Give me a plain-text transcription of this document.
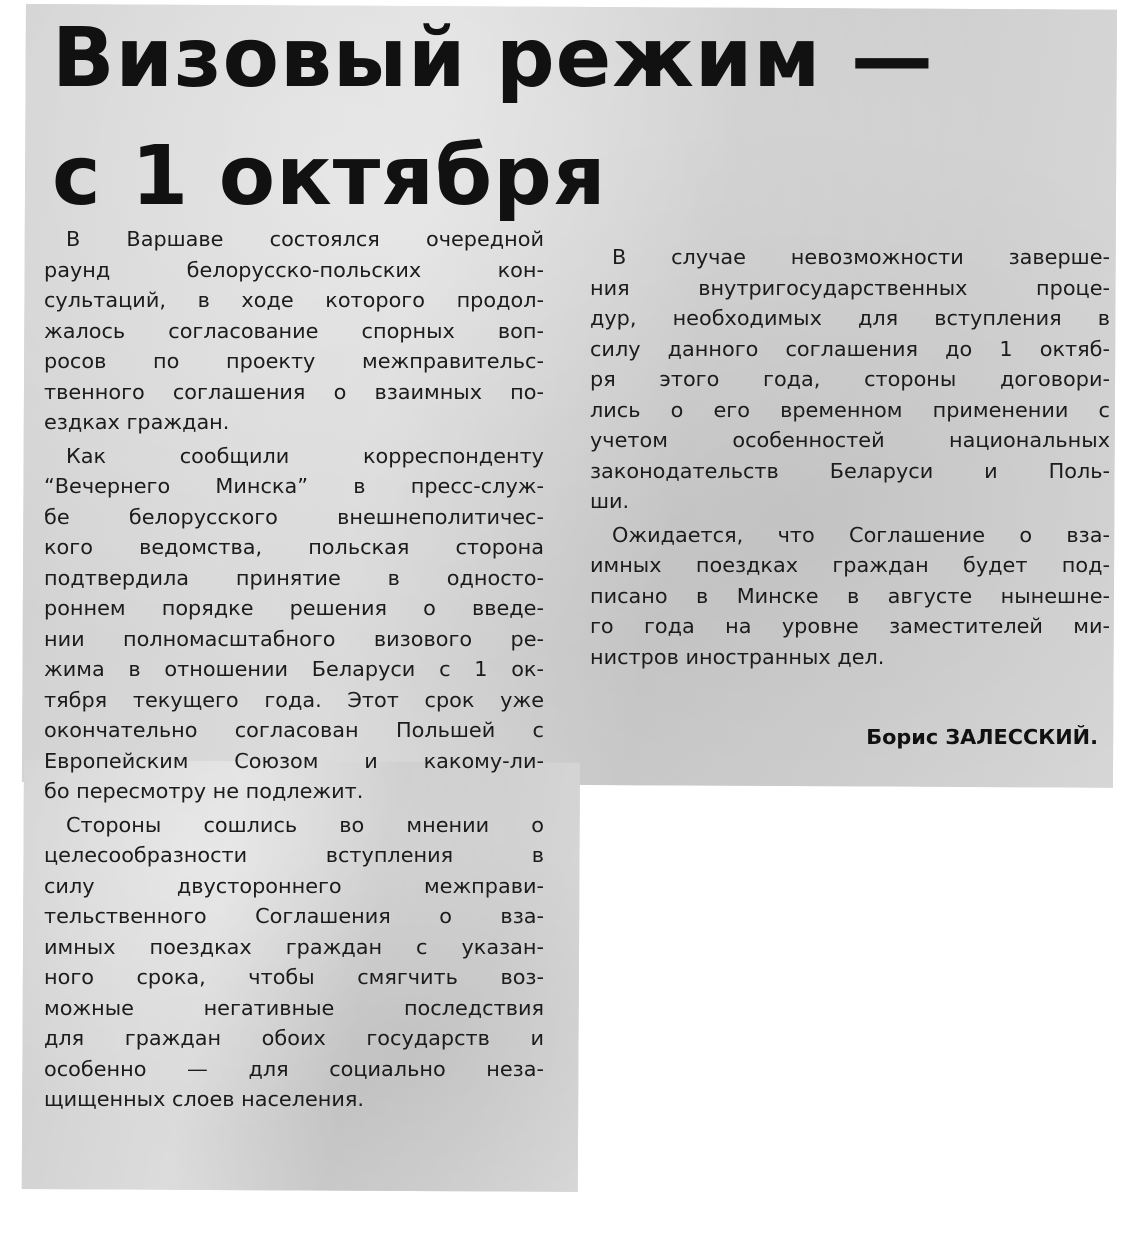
Визовый режим —
с 1 октября
В Варшаве состоялся очередной
раунд белорусско-польских кон-
сультаций, в ходе которого продол-
жалось согласование спорных воп-
росов по проекту межправительс-
твенного соглашения о взаимных по-
ездках граждан.
Как сообщили корреспонденту
“Вечернего Минска” в пресс-служ-
бе белорусского внешнеполитичес-
кого ведомства, польская сторона
подтвердила принятие в односто-
роннем порядке решения о введе-
нии полномасштабного визового ре-
жима в отношении Беларуси с 1 ок-
тября текущего года. Этот срок уже
окончательно согласован Польшей с
Европейским Союзом и какому-ли-
бо пересмотру не подлежит.
Стороны сошлись во мнении о
целесообразности вступления в
силу двустороннего межправи-
тельственного Соглашения о вза-
имных поездках граждан с указан-
ного срока, чтобы смягчить воз-
можные негативные последствия
для граждан обоих государств и
особенно — для социально неза-
щищенных слоев населения.
В случае невозможности заверше-
ния внутригосударственных проце-
дур, необходимых для вступления в
силу данного соглашения до 1 октяб-
ря этого года, стороны договори-
лись о его временном применении с
учетом особенностей национальных
законодательств Беларуси и Поль-
ши.
Ожидается, что Соглашение о вза-
имных поездках граждан будет под-
писано в Минске в августе нынешне-
го года на уровне заместителей ми-
нистров иностранных дел.
Борис ЗАЛЕССКИЙ.
